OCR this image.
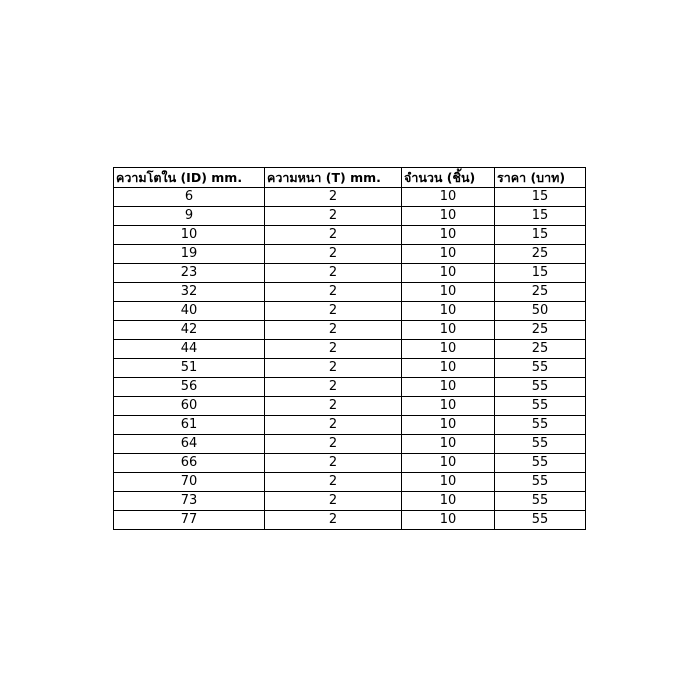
ความโตใน (ID) mm.	ความหนา (T) mm.	จำนวน (ชิ้น)	ราคา (บาท)
6	2	10	15
9	2	10	15
10	2	10	15
19	2	10	25
23	2	10	15
32	2	10	25
40	2	10	50
42	2	10	25
44	2	10	25
51	2	10	55
56	2	10	55
60	2	10	55
61	2	10	55
64	2	10	55
66	2	10	55
70	2	10	55
73	2	10	55
77	2	10	55
